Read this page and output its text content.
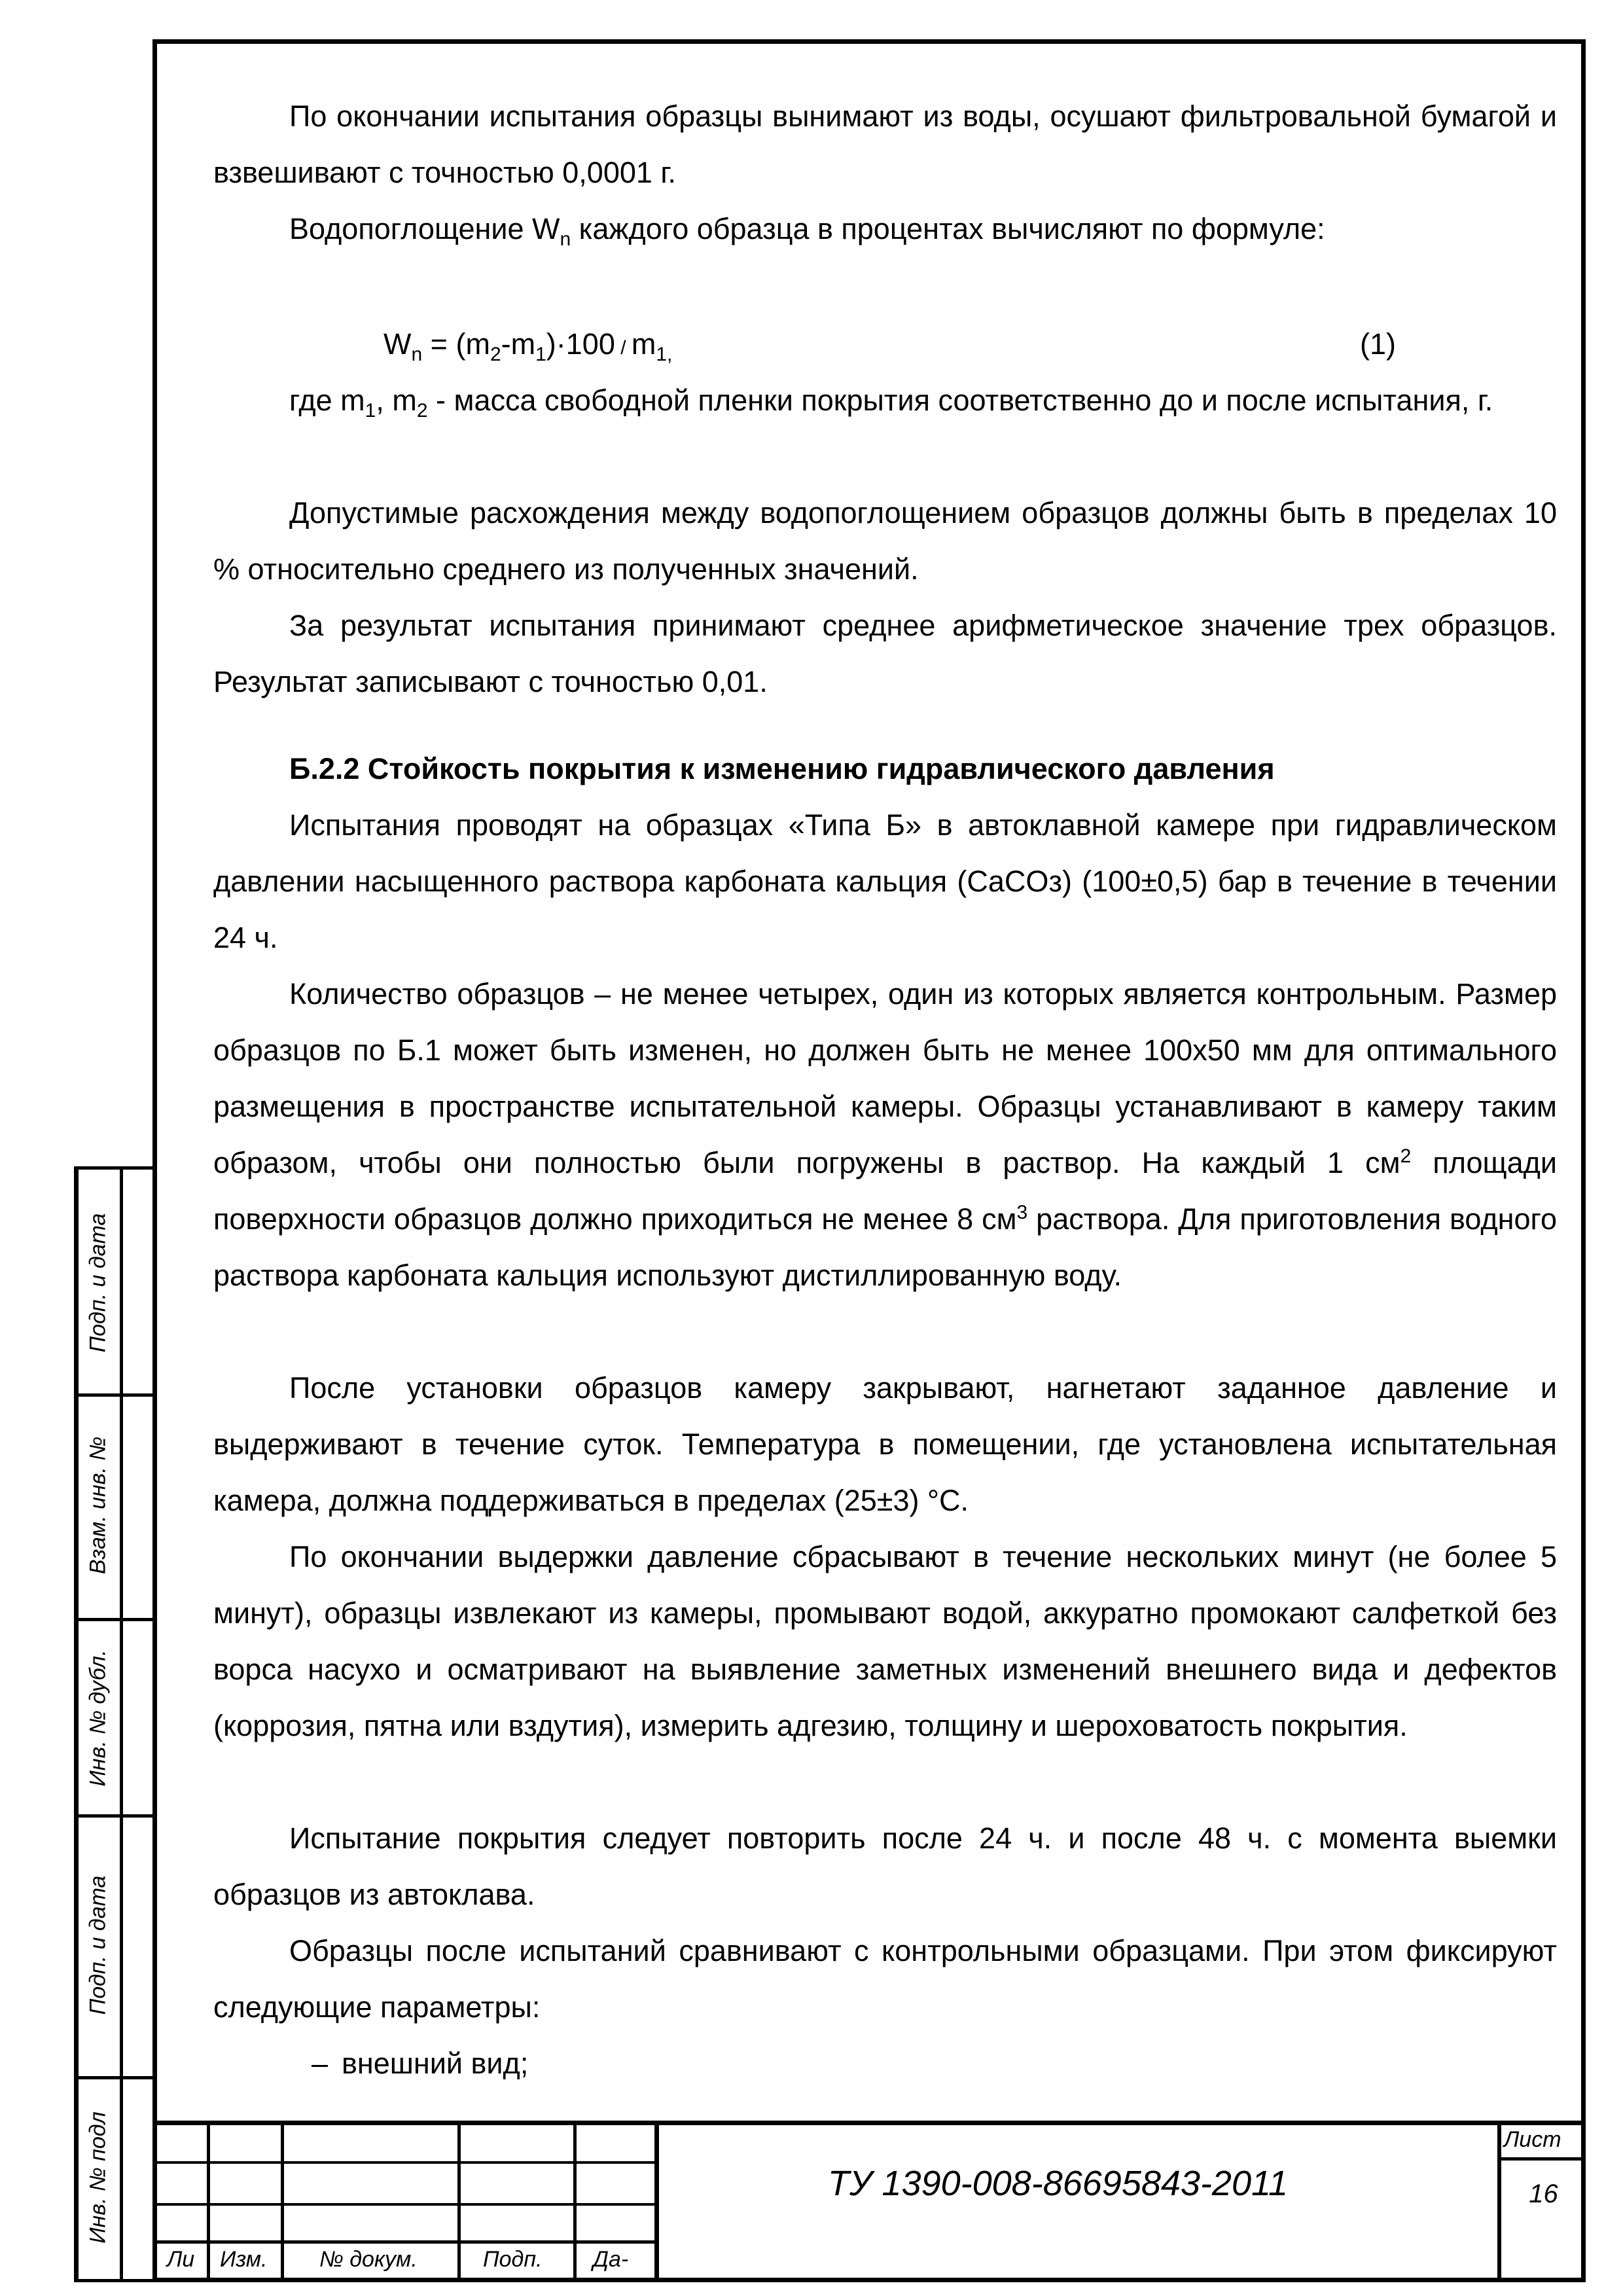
Подп. и дата
Взам. инв. №
Инв. № дубл.
Подп. и дата
Инв. № подл
По окончании испытания образцы вынимают из воды, осушают фильтровальной бумагой и взвешивают с точностью 0,0001 г.
Водопоглощение $W_n$ каждого образца в процентах вычисляют по формуле:
$W_n = (m_2-m_1)\cdot 100 / m_{1,}$	(1)
где $m_1$, $m_2$ - масса свободной пленки покрытия соответственно до и после испытания, г.
Допустимые расхождения между водопоглощением образцов должны быть в пределах 10 % относительно среднего из полученных значений.
За результат испытания принимают среднее арифметическое значение трех образцов. Результат записывают с точностью 0,01.
Б.2.2 Стойкость покрытия к изменению гидравлического давления
Испытания проводят на образцах «Типа Б» в автоклавной камере при гидравлическом давлении насыщенного раствора карбоната кальция (CaCOз) (100±0,5) бар в течение в течении 24 ч.
Количество образцов – не менее четырех, один из которых является контрольным. Размер образцов по Б.1 может быть изменен, но должен быть не менее 100х50 мм для оптимального размещения в пространстве испытательной камеры. Образцы устанавливают в камеру таким образом, чтобы они полностью были погружены в раствор. На каждый 1 $см^2$ площади поверхности образцов должно приходиться не менее 8 $см^3$ раствора. Для приготовления водного раствора карбоната кальция используют дистиллированную воду.
После установки образцов камеру закрывают, нагнетают заданное давление и выдерживают в течение суток. Температура в помещении, где установлена испытательная камера, должна поддерживаться в пределах (25±3) °С.
По окончании выдержки давление сбрасывают в течение нескольких минут (не более 5 минут), образцы извлекают из камеры, промывают водой, аккуратно промокают салфеткой без ворса насухо и осматривают на выявление заметных изменений внешнего вида и дефектов (коррозия, пятна или вздутия), измерить адгезию, толщину и шероховатость покрытия.
Испытание покрытия следует повторить после 24 ч. и после 48 ч. с момента выемки образцов из автоклава.
Образцы после испытаний сравнивают с контрольными образцами. При этом фиксируют следующие параметры:
– внешний вид;
Ли Изм. № докум.	Подп. Да-
ТУ 1390-008-86695843-2011
Лист
16
